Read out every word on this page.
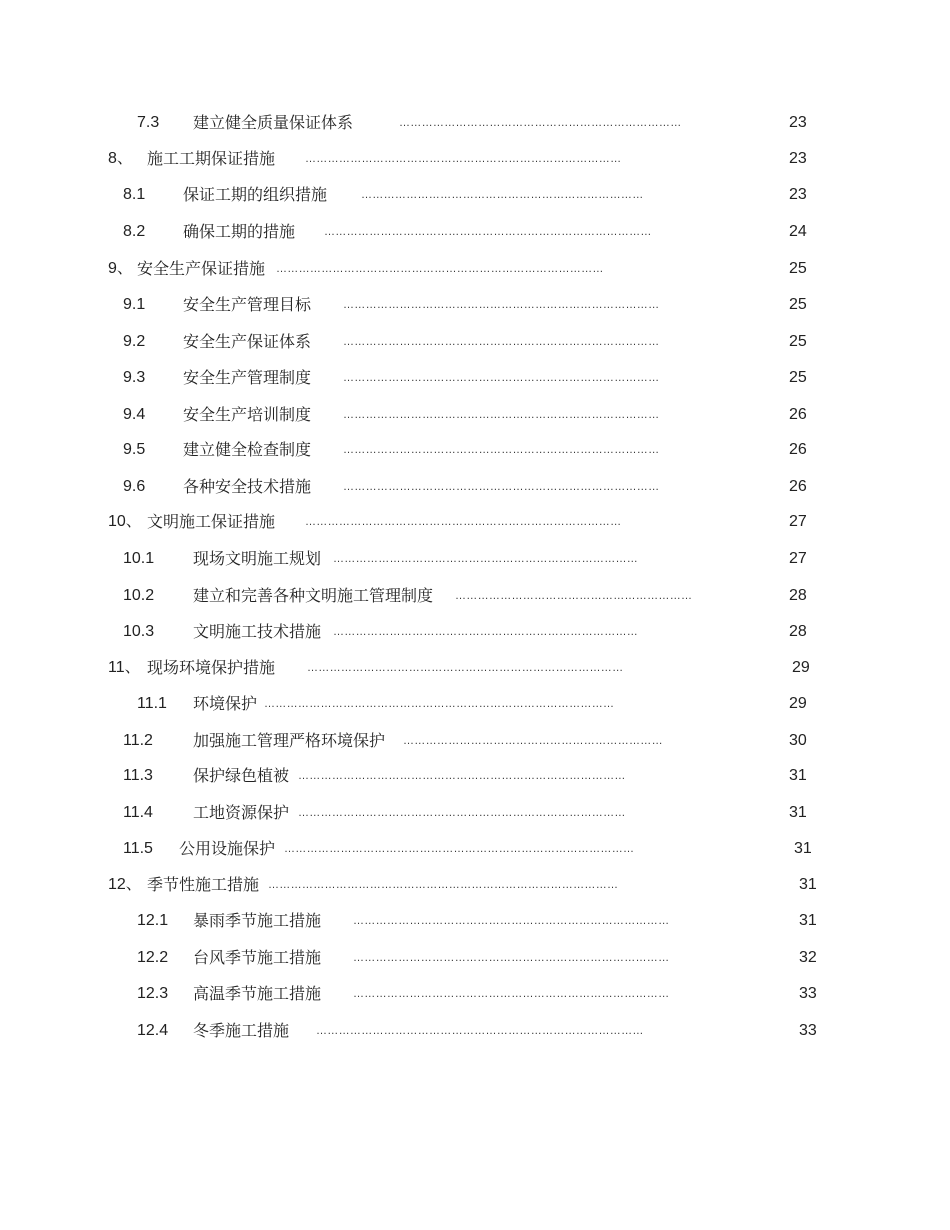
7.3 建立健全质量保证体系	…………………………………………………………………	23
8、 施工工期保证措施	…………………………………………………………………………	23
8.1 保证工期的组织措施	…………………………………………………………………	23
8.2 确保工期的措施	……………………………………………………………………………	24
9、 安全生产保证措施 ……………………………………………………………………………	25
9.1 安全生产管理目标	…………………………………………………………………………	25
9.2 安全生产保证体系	…………………………………………………………………………	25
9.3 安全生产管理制度	…………………………………………………………………………	25
9.4 安全生产培训制度	…………………………………………………………………………	26
9.5 建立健全检查制度	…………………………………………………………………………	26
9.6 各种安全技术措施	…………………………………………………………………………	26
10、 文明施工保证措施	…………………………………………………………………………	27
10.1 现场文明施工规划 ………………………………………………………………………	27
10.2 建立和完善各种文明施工管理制度 ………………………………………………………	28
10.3 文明施工技术措施 ………………………………………………………………………	28
11、 现场环境保护措施	…………………………………………………………………………	29
11.1 环境保护 …………………………………………………………………………………	29
11.2	加强施工管理严格环境保护 ……………………………………………………………	30
11.3	保护绿色植被 ……………………………………………………………………………	31
11.4	工地资源保护 ……………………………………………………………………………	31
11.5 公用设施保护 …………………………………………………………………………………	31
12、 季节性施工措施 …………………………………………………………………………………	31
12.1 暴雨季节施工措施	…………………………………………………………………………	31
12.2 台风季节施工措施	…………………………………………………………………………	32
12.3 高温季节施工措施	…………………………………………………………………………	33
12.4 冬季施工措施 ……………………………………………………………………………	33
